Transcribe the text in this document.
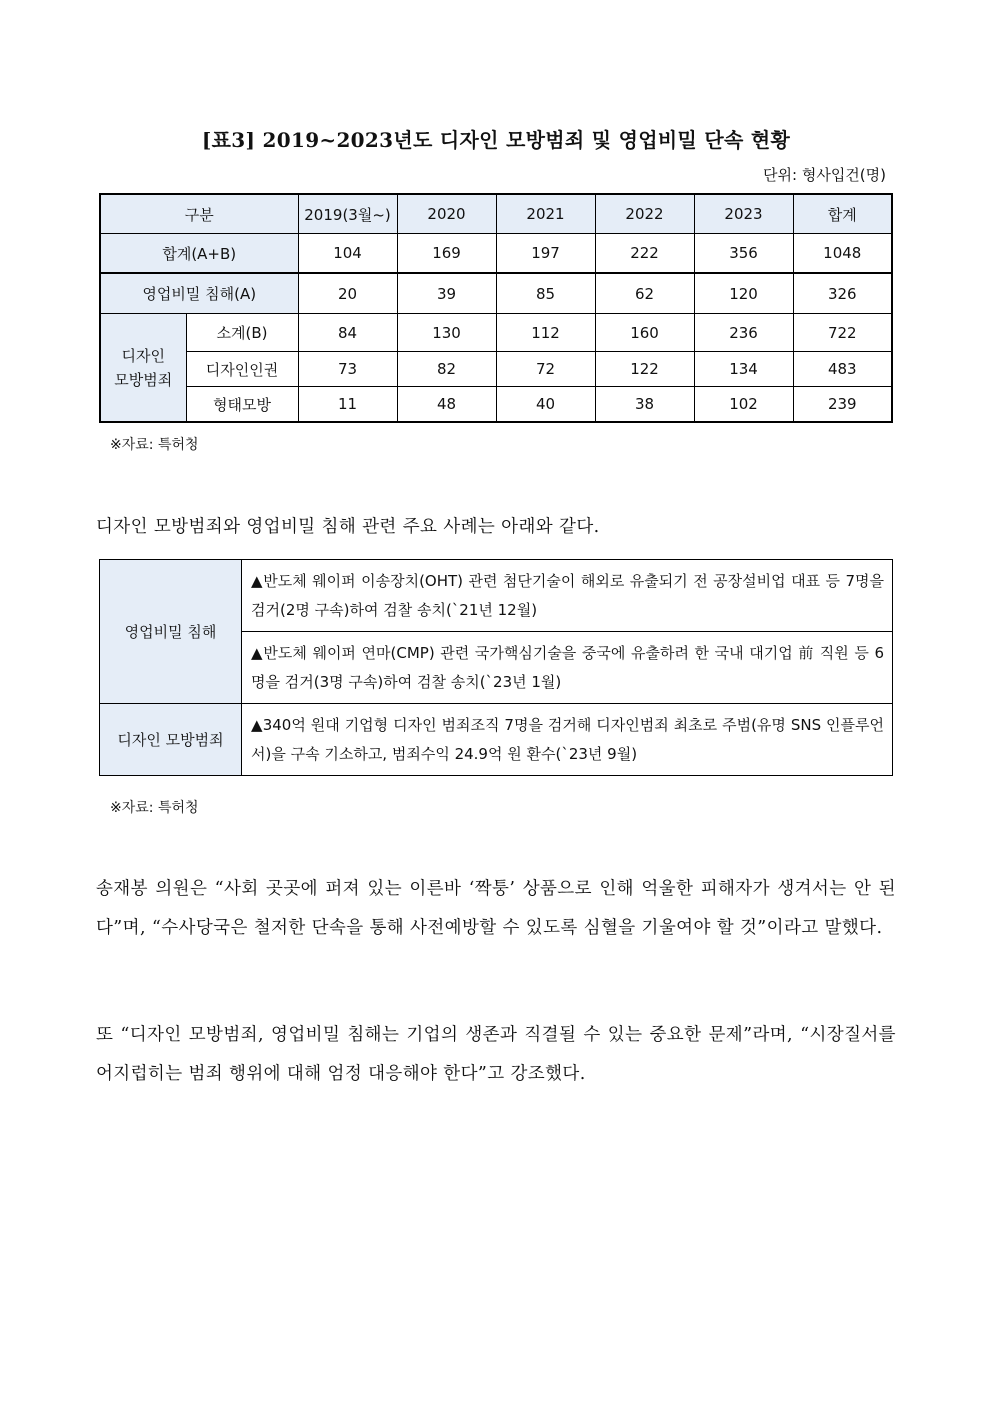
[표3] 2019~2023년도 디자인 모방범죄 및 영업비밀 단속 현황
단위: 형사입건(명)
구분		2019(3월~)	2020	2021	2022	2023	합계
합계(A+B)		104	169	197	222	356	1048
영업비밀 침해(A)		20	39	85	62	120	326
디자인
모방범죄	소계(B)	84	130	112	160	236	722
	디자인인권	73	82	72	122	134	483
	형태모방	11	48	40	38	102	239
※자료: 특허청

디자인 모방범죄와 영업비밀 침해 관련 주요 사례는 아래와 같다.

영업비밀 침해	▲반도체 웨이퍼 이송장치(OHT) 관련 첨단기술이 해외로 유출되기 전 공장설비업 대표 등 7명을 검거(2명 구속)하여 검찰 송치(`21년 12월)
	▲반도체 웨이퍼 연마(CMP) 관련 국가핵심기술을 중국에 유출하려 한 국내 대기업 前 직원 등 6명을 검거(3명 구속)하여 검찰 송치(`23년 1월)
디자인 모방범죄	▲340억 원대 기업형 디자인 범죄조직 7명을 검거해 디자인범죄 최초로 주범(유명 SNS 인플루언서)을 구속 기소하고, 범죄수익 24.9억 원 환수(`23년 9월)
※자료: 특허청

송재봉 의원은 “사회 곳곳에 퍼져 있는 이른바 ‘짝퉁’ 상품으로 인해 억울한 피해자가 생겨서는 안 된다”며, “수사당국은 철저한 단속을 통해 사전예방할 수 있도록 심혈을 기울여야 할 것”이라고 말했다.

또 “디자인 모방범죄, 영업비밀 침해는 기업의 생존과 직결될 수 있는 중요한 문제”라며, “시장질서를 어지럽히는 범죄 행위에 대해 엄정 대응해야 한다”고 강조했다.
